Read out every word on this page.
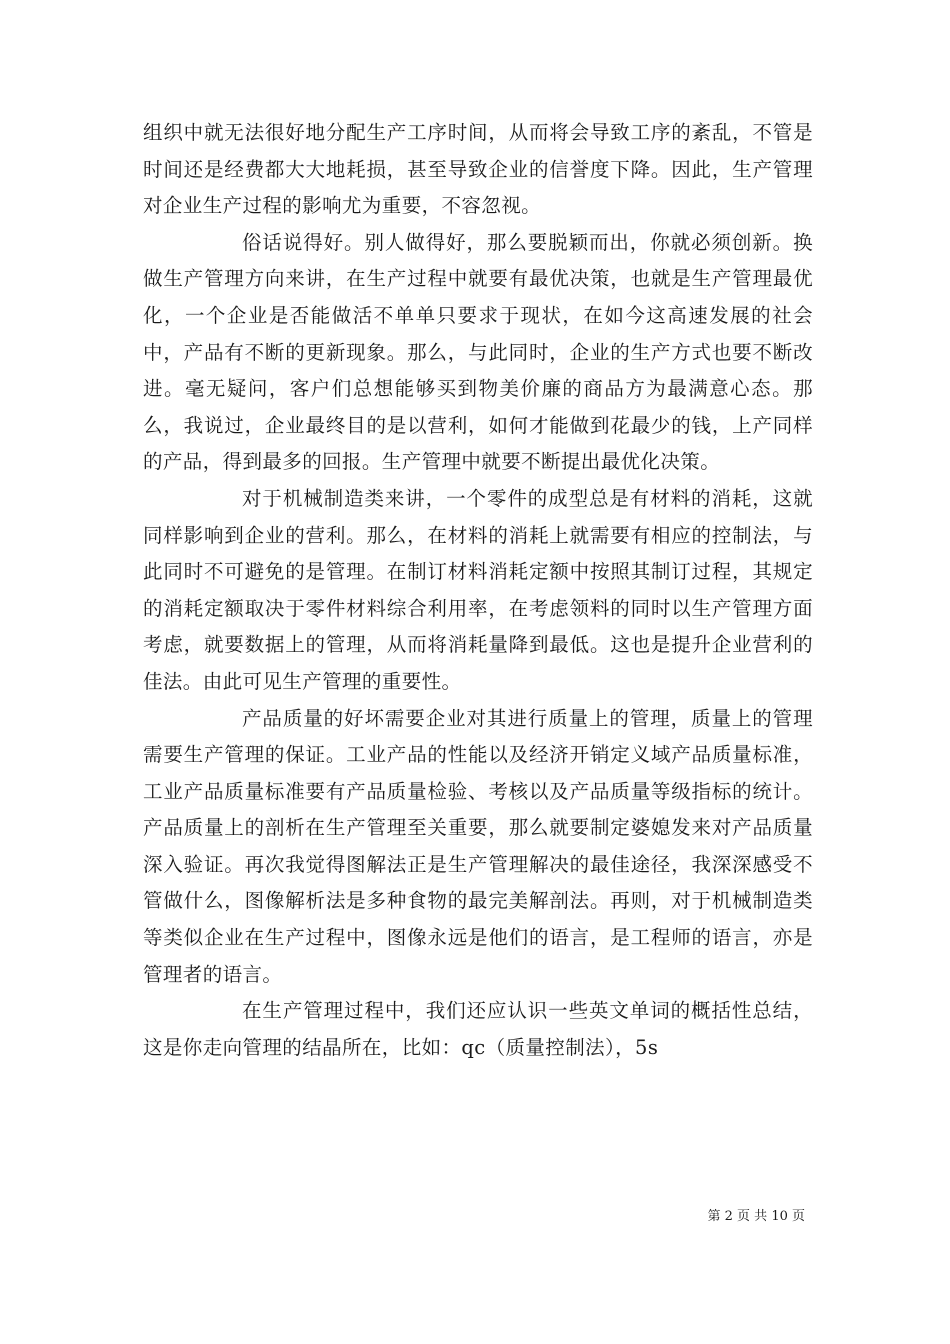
组织中就无法很好地分配生产工序时间，从而将会导致工序的紊乱，不管是时间还是经费都大大地耗损，甚至导致企业的信誉度下降。因此，生产管理对企业生产过程的影响尤为重要，不容忽视。

俗话说得好。别人做得好，那么要脱颖而出，你就必须创新。换做生产管理方向来讲，在生产过程中就要有最优决策，也就是生产管理最优化，一个企业是否能做活不单单只要求于现状，在如今这高速发展的社会中，产品有不断的更新现象。那么，与此同时，企业的生产方式也要不断改进。毫无疑问，客户们总想能够买到物美价廉的商品方为最满意心态。那么，我说过，企业最终目的是以营利，如何才能做到花最少的钱，上产同样的产品，得到最多的回报。生产管理中就要不断提出最优化决策。

对于机械制造类来讲，一个零件的成型总是有材料的消耗，这就同样影响到企业的营利。那么，在材料的消耗上就需要有相应的控制法，与此同时不可避免的是管理。在制订材料消耗定额中按照其制订过程，其规定的消耗定额取决于零件材料综合利用率，在考虑领料的同时以生产管理方面考虑，就要数据上的管理，从而将消耗量降到最低。这也是提升企业营利的佳法。由此可见生产管理的重要性。

产品质量的好坏需要企业对其进行质量上的管理，质量上的管理需要生产管理的保证。工业产品的性能以及经济开销定义域产品质量标准，工业产品质量标准要有产品质量检验、考核以及产品质量等级指标的统计。产品质量上的剖析在生产管理至关重要，那么就要制定婆媳发来对产品质量深入验证。再次我觉得图解法正是生产管理解决的最佳途径，我深深感受不管做什么，图像解析法是多种食物的最完美解剖法。再则，对于机械制造类等类似企业在生产过程中，图像永远是他们的语言，是工程师的语言，亦是管理者的语言。

在生产管理过程中，我们还应认识一些英文单词的概括性总结，这是你走向管理的结晶所在，比如：qc（质量控制法），5s

第 2 页 共 10 页
